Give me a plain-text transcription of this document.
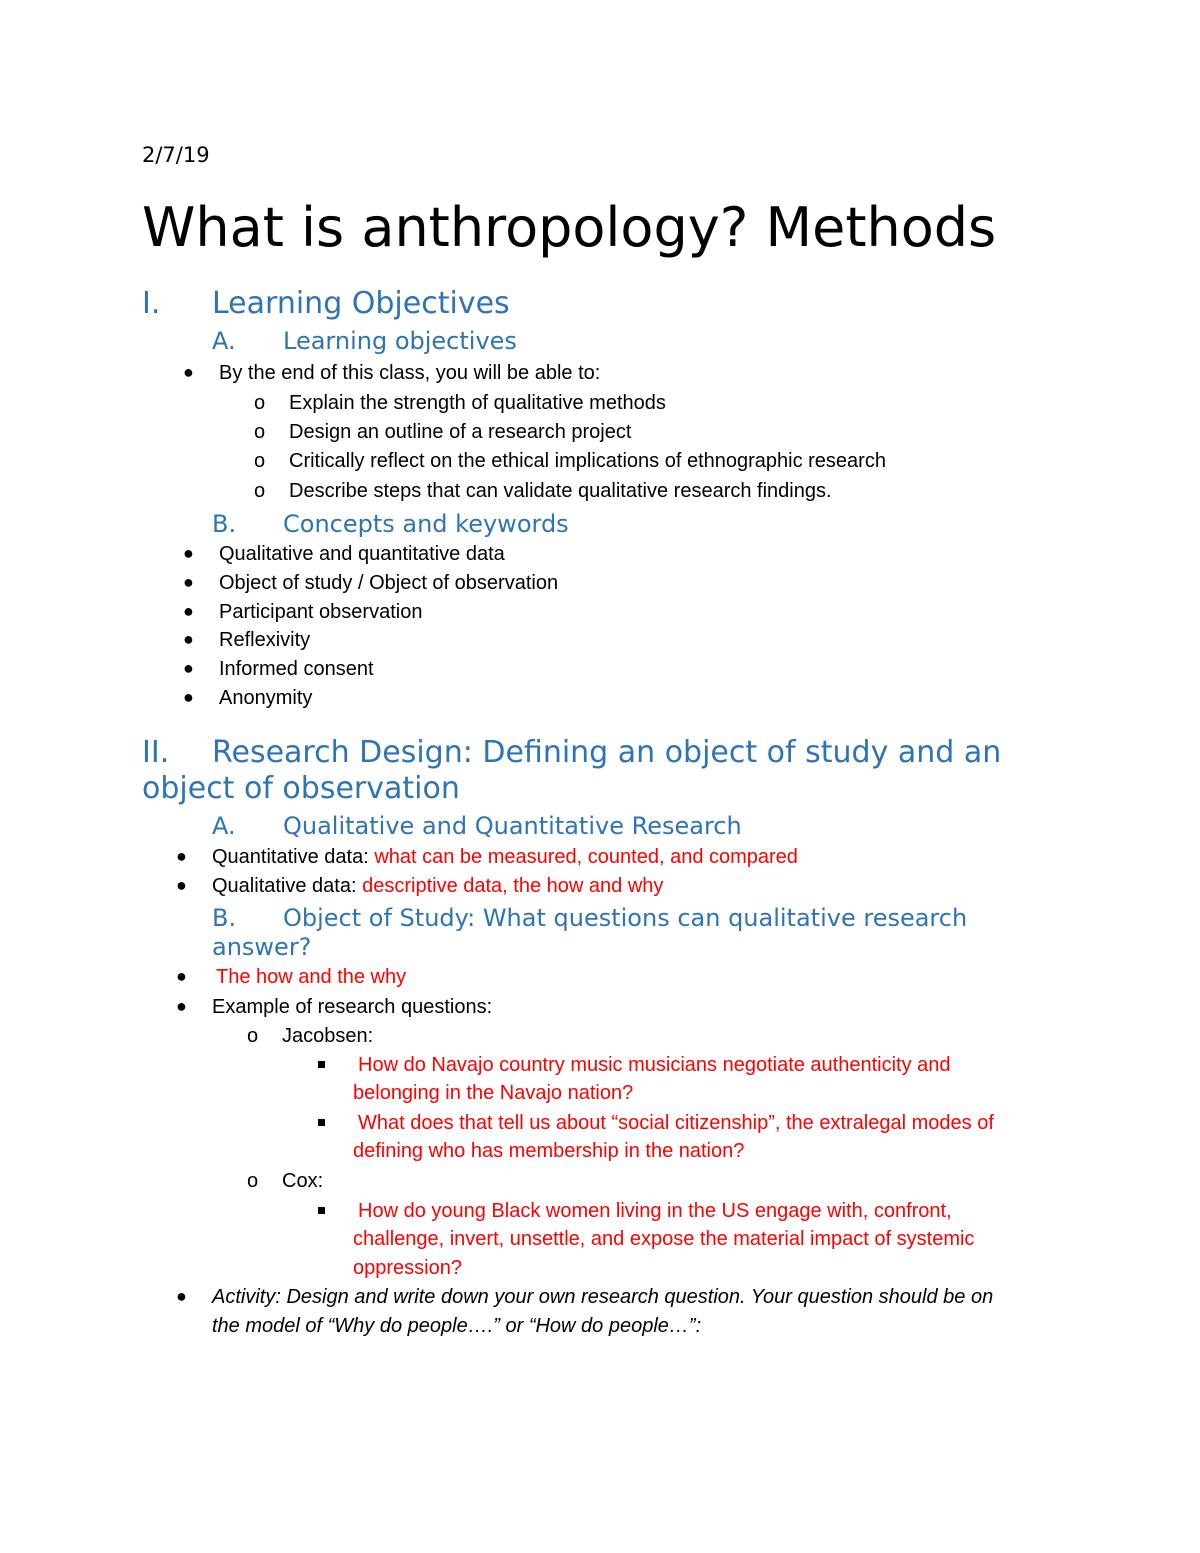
2/7/19
What is anthropology? Methods
I. Learning Objectives
A. Learning objectives
● By the end of this class, you will be able to:
o Explain the strength of qualitative methods
o Design an outline of a research project
o Critically reflect on the ethical implications of ethnographic research
o Describe steps that can validate qualitative research findings.
B. Concepts and keywords
● Qualitative and quantitative data
● Object of study / Object of observation
● Participant observation
● Reflexivity
● Informed consent
● Anonymity
II. Research Design: Defining an object of study and an
object of observation
A. Qualitative and Quantitative Research
● Quantitative data: what can be measured, counted, and compared
● Qualitative data: descriptive data, the how and why
B. Object of Study: What questions can qualitative research
answer?
● The how and the why
● Example of research questions:
o Jacobsen:
How do Navajo country music musicians negotiate authenticity and
belonging in the Navajo nation?
What does that tell us about “social citizenship”, the extralegal modes of
defining who has membership in the nation?
o Cox:
How do young Black women living in the US engage with, confront,
challenge, invert, unsettle, and expose the material impact of systemic
oppression?
● Activity: Design and write down your own research question. Your question should be on
the model of “Why do people….” or “How do people…”:
